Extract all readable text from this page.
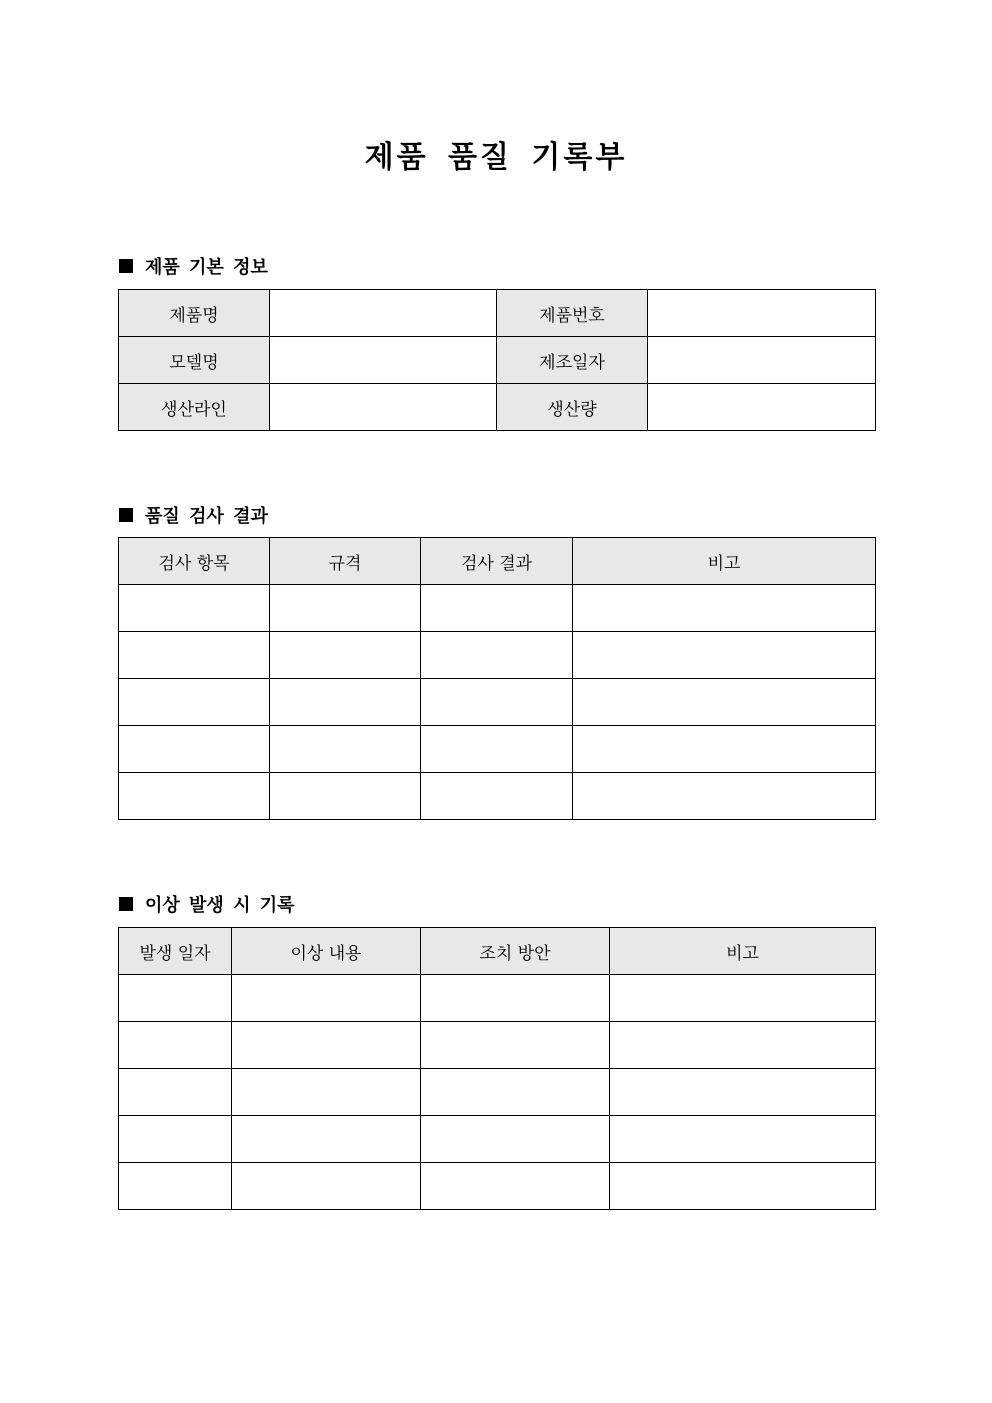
제품 품질 기록부
제품 기본 정보
제품명		제품번호	
모델명		제조일자	
생산라인		생산량	
품질 검사 결과
검사 항목	규격	검사 결과	비고

이상 발생 시 기록
발생 일자	이상 내용	조치 방안	비고
